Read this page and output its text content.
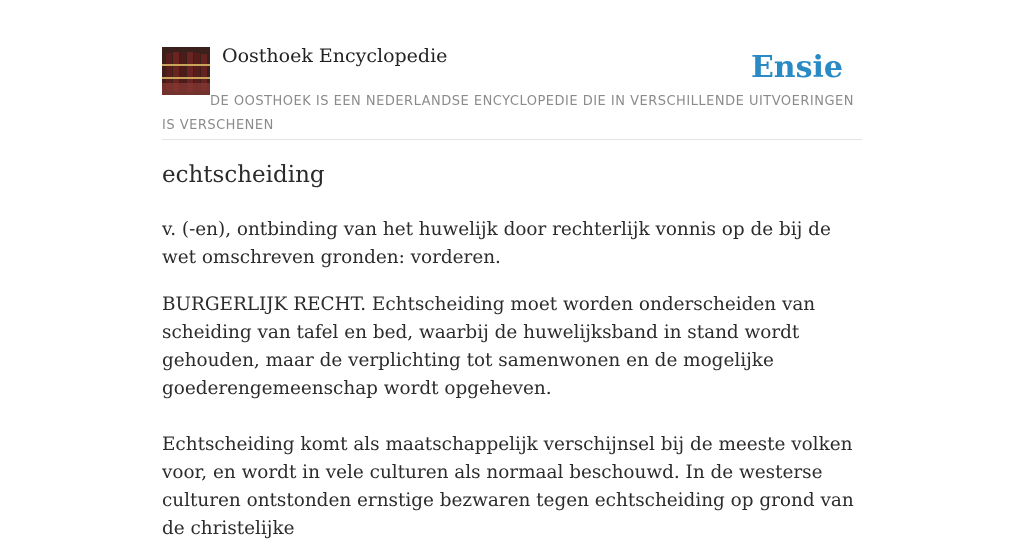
Oosthoek Encyclopedie	Ensie
DE OOSTHOEK IS EEN NEDERLANDSE ENCYCLOPEDIE DIE IN VERSCHILLENDE UITVOERINGEN IS VERSCHENEN
echtscheiding

v. (-en), ontbinding van het huwelijk door rechterlijk vonnis op de bij de wet omschreven gronden: vorderen.

BURGERLIJK RECHT. Echtscheiding moet worden onderscheiden van scheiding van tafel en bed, waarbij de huwelijksband in stand wordt gehouden, maar de verplichting tot samenwonen en de mogelijke goederengemeenschap wordt opgeheven.

Echtscheiding komt als maatschappelijk verschijnsel bij de meeste volken voor, en wordt in vele culturen als normaal beschouwd. In de westerse culturen ontstonden ernstige bezwaren tegen echtscheiding op grond van de christelijke
